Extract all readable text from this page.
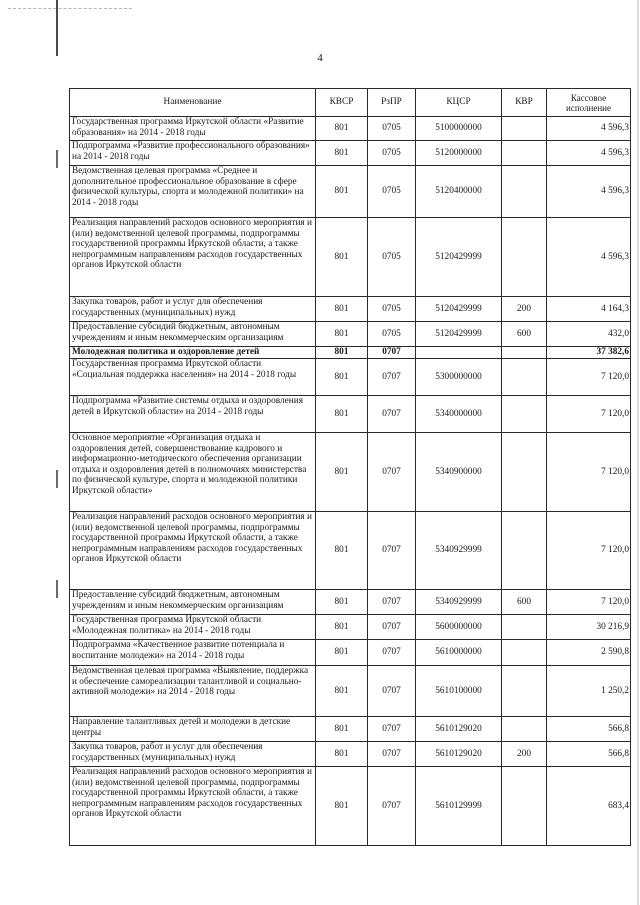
4
Наименование	КВСР	РзПР	КЦСР	КВР	Кассовое исполнение
Государственная программа Иркутской области «Развитие образования» на 2014 - 2018 годы	801	0705	5100000000		4 596,3
Подпрограмма «Развитие профессионального образования» на 2014 - 2018 годы	801	0705	5120000000		4 596,3
Ведомственная целевая программа «Среднее и дополнительное профессиональное образование в сфере физической культуры, спорта и молодежной политики» на 2014 - 2018 годы	801	0705	5120400000		4 596,3
Реализация направлений расходов основного мероприятия и (или) ведомственной целевой программы, подпрограммы государственной программы Иркутской области, а также непрограммным направлениям расходов государственных органов Иркутской области	801	0705	5120429999		4 596,3
Закупка товаров, работ и услуг для обеспечения государственных (муниципальных) нужд	801	0705	5120429999	200	4 164,3
Предоставление субсидий бюджетным, автономным учреждениям и иным некоммерческим организациям	801	0705	5120429999	600	432,0
Молодежная политика и оздоровление детей	801	0707			37 382,6
Государственная программа Иркутской области «Социальная поддержка населения» на 2014 - 2018 годы	801	0707	5300000000		7 120,0
Подпрограмма «Развитие системы отдыха и оздоровления детей в Иркутской области» на 2014 - 2018 годы	801	0707	5340000000		7 120,0
Основное мероприятие «Организация отдыха и оздоровления детей, совершенствование кадрового и информационно-методического обеспечения организации отдыха и оздоровления детей в полномочиях министерства по физической культуре, спорта и молодежной политики Иркутской области»	801	0707	5340900000		7 120,0
Реализация направлений расходов основного мероприятия и (или) ведомственной целевой программы, подпрограммы государственной программы Иркутской области, а также непрограммным направлениям расходов государственных органов Иркутской области	801	0707	5340929999		7 120,0
Предоставление субсидий бюджетным, автономным учреждениям и иным некоммерческим организациям	801	0707	5340929999	600	7 120,0
Государственная программа Иркутской области «Молодежная политика» на 2014 - 2018 годы	801	0707	5600000000		30 216,9
Подпрограмма «Качественное развитие потенциала и воспитание молодежи» на 2014 - 2018 годы	801	0707	5610000000		2 590,8
Ведомственная целевая программа «Выявление, поддержка и обеспечение самореализации талантливой и социально-активной молодежи» на 2014 - 2018 годы	801	0707	5610100000		1 250,2
Направление талантливых детей и молодежи в детские центры	801	0707	5610129020		566,8
Закупка товаров, работ и услуг для обеспечения государственных (муниципальных) нужд	801	0707	5610129020	200	566,8
Реализация направлений расходов основного мероприятия и (или) ведомственной целевой программы, подпрограммы государственной программы Иркутской области, а также непрограммным направлениям расходов государственных органов Иркутской области	801	0707	5610129999		683,4
